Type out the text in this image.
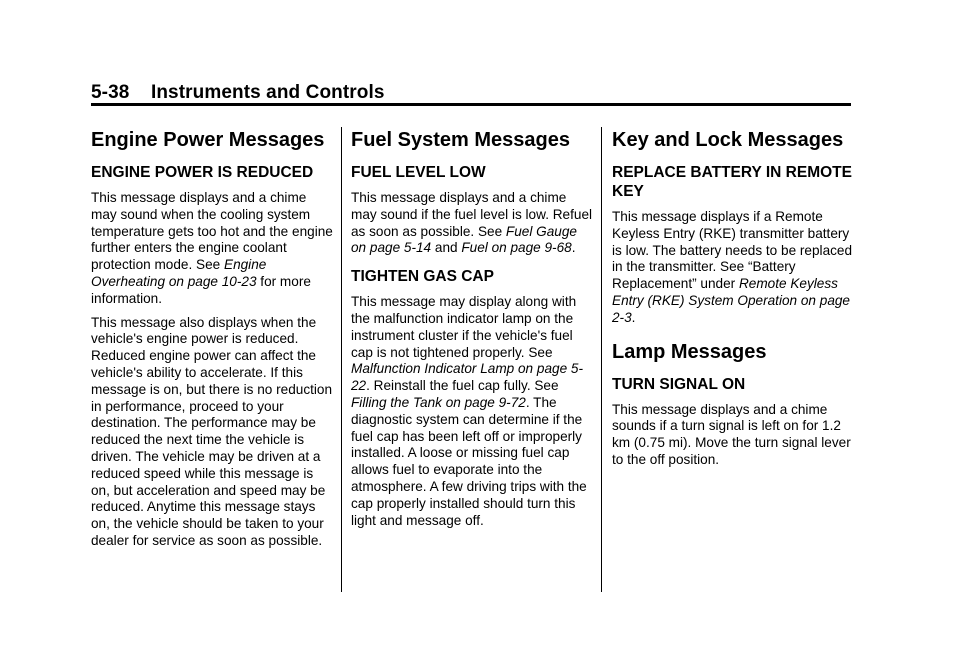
5-38 Instruments and Controls
Engine Power Messages
ENGINE POWER IS REDUCED

This message displays and a chime may sound when the cooling system temperature gets too hot and the engine further enters the engine coolant protection mode. See Engine Overheating on page 10-23 for more information.

This message also displays when the vehicle's engine power is reduced. Reduced engine power can affect the vehicle's ability to accelerate. If this message is on, but there is no reduction in performance, proceed to your destination. The performance may be reduced the next time the vehicle is driven. The vehicle may be driven at a reduced speed while this message is on, but acceleration and speed may be reduced. Anytime this message stays on, the vehicle should be taken to your dealer for service as soon as possible.

Fuel System Messages
FUEL LEVEL LOW

This message displays and a chime may sound if the fuel level is low. Refuel as soon as possible. See Fuel Gauge on page 5-14 and Fuel on page 9-68.

TIGHTEN GAS CAP

This message may display along with the malfunction indicator lamp on the instrument cluster if the vehicle's fuel cap is not tightened properly. See Malfunction Indicator Lamp on page 5-22. Reinstall the fuel cap fully. See Filling the Tank on page 9-72. The diagnostic system can determine if the fuel cap has been left off or improperly installed. A loose or missing fuel cap allows fuel to evaporate into the atmosphere. A few driving trips with the cap properly installed should turn this light and message off.

Key and Lock Messages
REPLACE BATTERY IN REMOTE KEY

This message displays if a Remote Keyless Entry (RKE) transmitter battery is low. The battery needs to be replaced in the transmitter. See “Battery Replacement” under Remote Keyless Entry (RKE) System Operation on page 2-3.

Lamp Messages
TURN SIGNAL ON

This message displays and a chime sounds if a turn signal is left on for 1.2 km (0.75 mi). Move the turn signal lever to the off position.
